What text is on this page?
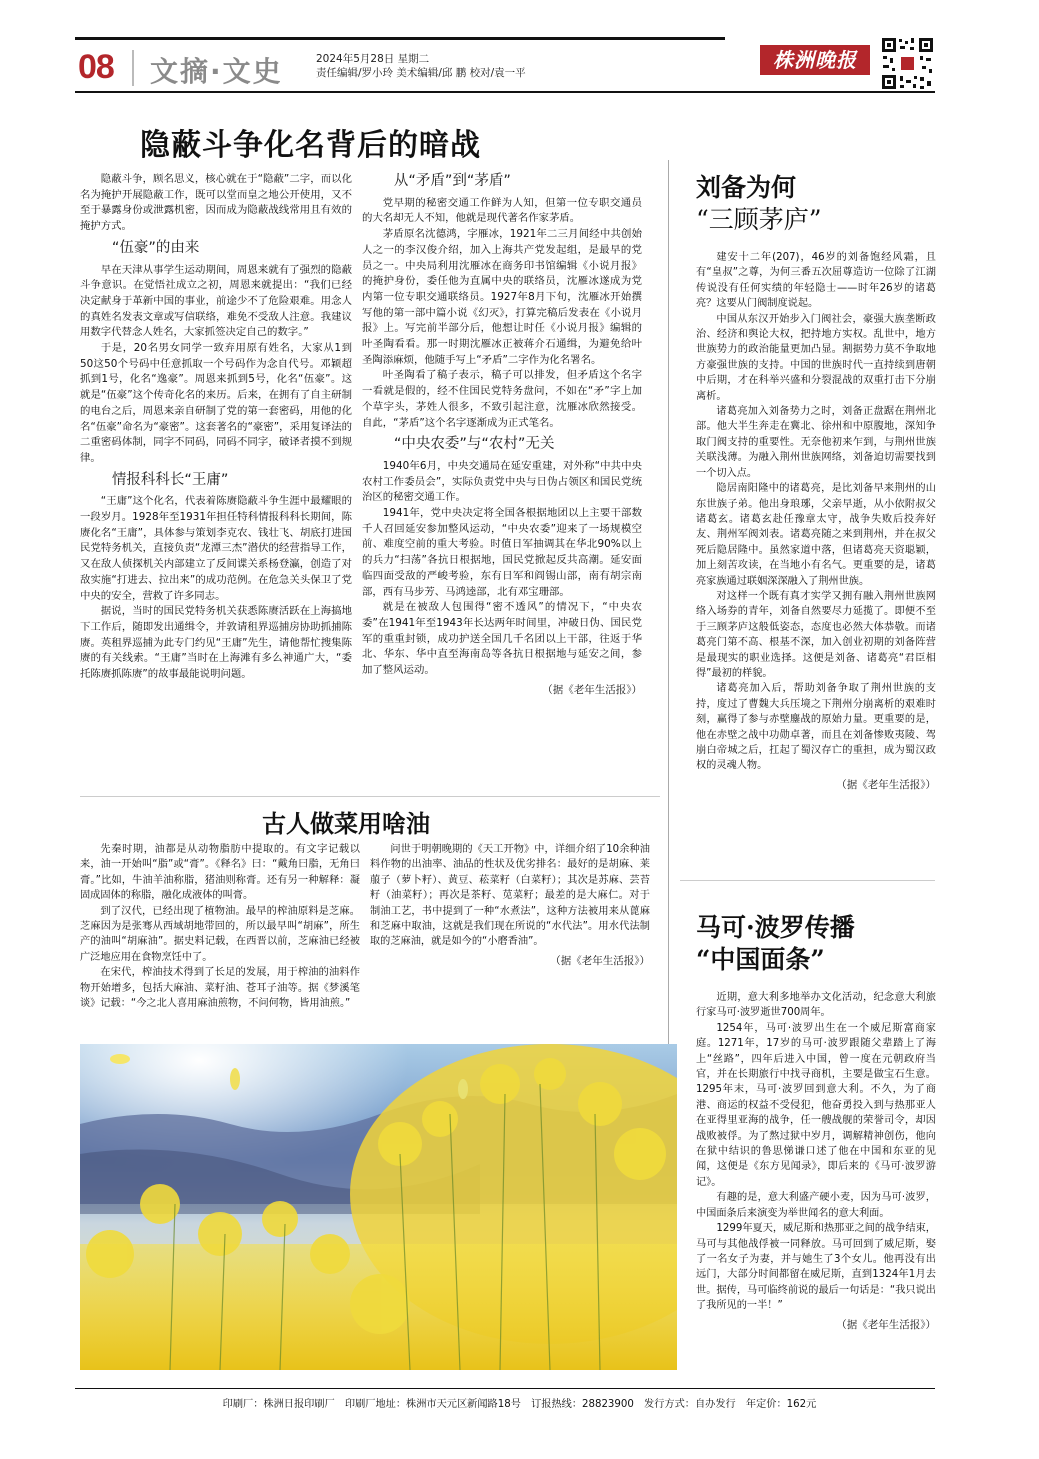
08 文摘·文史	2024年5月28日 星期二
责任编辑/罗小玲 美术编辑/邱 鹏 校对/袁一平
株洲晚报
隐蔽斗争化名背后的暗战

隐蔽斗争，顾名思义，核心就在于“隐蔽”二字，而以化名为掩护开展隐蔽工作，既可以堂而皇之地公开使用，又不至于暴露身份或泄露机密，因而成为隐蔽战线常用且有效的掩护方式。

“伍豪”的由来

早在天津从事学生运动期间，周恩来就有了强烈的隐蔽斗争意识。在觉悟社成立之初，周恩来就提出：“我们已经决定献身于革新中国的事业，前途少不了危险艰难。用念人的真姓名发表文章或写信联络，难免不受敌人注意。我建议用数字代替念人姓名，大家抓签决定自己的数字。”

于是，20名男女同学一致弃用原有姓名，大家从1到50这50个号码中任意抓取一个号码作为念自代号。邓颖超抓到1号，化名“逸豪”。周恩来抓到5号，化名“伍豪”。这就是“伍豪”这个传奇化名的来历。后来，在拥有了自主研制的电台之后，周恩来亲自研制了党的第一套密码，用他的化名“伍豪”命名为“豪密”。这套著名的“豪密”，采用复译法的二重密码体制，同字不同码，同码不同字，破译者摸不到规律。

情报科科长“王庸”

“王庸”这个化名，代表着陈赓隐蔽斗争生涯中最耀眼的一段岁月。1928年至1931年担任特科情报科科长期间，陈赓化名“王庸”，具体参与策划李克农、钱壮飞、胡底打进国民党特务机关，直接负责“龙潭三杰”潜伏的经营指导工作，又在敌人侦探机关内部建立了反间谍关系杨登瀛，创造了对敌实施“打进去、拉出来”的成功范例。在危急关头保卫了党中央的安全，营救了许多同志。

据说，当时的国民党特务机关获悉陈赓活跃在上海搞地下工作后，随即发出通缉令，并敦请租界巡捕房协助抓捕陈赓。英租界巡捕为此专门约见“王庸”先生，请他帮忙搜集陈赓的有关线索。“王庸”当时在上海滩有多么神通广大，“委托陈赓抓陈赓”的故事最能说明问题。

从“矛盾”到“茅盾”

党早期的秘密交通工作鲜为人知，但第一位专职交通员的大名却无人不知，他就是现代著名作家茅盾。

茅盾原名沈德鸿，字雁冰，1921年二三月间经中共创始人之一的李汉俊介绍，加入上海共产党发起组，是最早的党员之一。中央局利用沈雁冰在商务印书馆编辑《小说月报》的掩护身份，委任他为直属中央的联络员，沈雁冰遂成为党内第一位专职交通联络员。1927年8月下旬，沈雁冰开始撰写他的第一部中篇小说《幻灭》，打算完稿后发表在《小说月报》上。写完前半部分后，他想让时任《小说月报》编辑的叶圣陶看看。那一时期沈雁冰正被蒋介石通缉，为避免给叶圣陶添麻烦，他随手写上“矛盾”二字作为化名署名。

叶圣陶看了稿子表示，稿子可以排发，但矛盾这个名字一看就是假的，经不住国民党特务盘问，不如在“矛”字上加个草字头，茅姓人很多，不致引起注意，沈雁冰欣然接受。自此，“茅盾”这个名字逐渐成为正式笔名。

“中央农委”与“农村”无关

1940年6月，中央交通局在延安重建，对外称“中共中央农村工作委员会”，实际负责党中央与日伪占领区和国民党统治区的秘密交通工作。

1941年，党中央决定将全国各根据地团以上主要干部数千人召回延安参加整风运动，“中央农委”迎来了一场规模空前、难度空前的重大考验。时值日军抽调其在华北90%以上的兵力“扫荡”各抗日根据地，国民党掀起反共高潮。延安面临四面受敌的严峻考验，东有日军和阎锡山部，南有胡宗南部，西有马步芳、马鸿逵部，北有邓宝珊部。

就是在被敌人包围得“密不透风”的情况下，“中央农委”在1941年至1943年长达两年时间里，冲破日伪、国民党军的重重封锁，成功护送全国几千名团以上干部，往返于华北、华东、华中直至海南岛等各抗日根据地与延安之间，参加了整风运动。

（据《老年生活报》）
刘备为何
“三顾茅庐”

建安十二年(207)，46岁的刘备饱经风霜，且有“皇叔”之尊，为何三番五次屈尊造访一位除了江湖传说没有任何实绩的年轻隐士——时年26岁的诸葛亮？这要从门阀制度说起。

中国从东汉开始步入门阀社会，豪强大族垄断政治、经济和舆论大权，把持地方实权。乱世中，地方世族势力的政治能量更加凸显。割据势力莫不争取地方豪强世族的支持。中国的世族时代一直持续到唐朝中后期，才在科举兴盛和分裂混战的双重打击下分崩离析。

诸葛亮加入刘备势力之时，刘备正盘踞在荆州北部。他大半生奔走在冀北、徐州和中原腹地，深知争取门阀支持的重要性。无奈他初来乍到，与荆州世族关联浅薄。为融入荆州世族网络，刘备迫切需要找到一个切入点。

隐居南阳隆中的诸葛亮，是比刘备早来荆州的山东世族子弟。他出身琅琊，父亲早逝，从小依附叔父诸葛玄。诸葛玄赴任豫章太守，战争失败后投奔好友、荆州军阀刘表。诸葛亮随之来到荆州，并在叔父死后隐居隆中。虽然家道中落，但诸葛亮天资聪颖，加上刻苦攻读，在当地小有名气。更重要的是，诸葛亮家族通过联姻深深融入了荆州世族。

对这样一个既有真才实学又拥有融入荆州世族网络入场券的青年，刘备自然要尽力延揽了。即便不至于三顾茅庐这般低姿态，态度也必然大体恭敬。而诸葛亮门第不高、根基不深，加入创业初期的刘备阵营是最现实的职业选择。这便是刘备、诸葛亮“君臣相得”最初的样貌。

诸葛亮加入后，帮助刘备争取了荆州世族的支持，度过了曹魏大兵压境之下荆州分崩离析的艰难时刻，赢得了参与赤壁鏖战的原始力量。更重要的是，他在赤壁之战中功勋卓著，而且在刘备惨败夷陵、驾崩白帝城之后，扛起了蜀汉存亡的重担，成为蜀汉政权的灵魂人物。

（据《老年生活报》）
马可·波罗传播
“中国面条”

近期，意大利多地举办文化活动，纪念意大利旅行家马可·波罗逝世700周年。

1254年，马可·波罗出生在一个威尼斯富商家庭。1271年，17岁的马可·波罗跟随父辈踏上了海上“丝路”，四年后进入中国，曾一度在元朝政府当官，并在长期旅行中找寻商机，主要是做宝石生意。1295年末，马可·波罗回到意大利。不久，为了商港、商运的权益不受侵犯，他奋勇投入到与热那亚人在亚得里亚海的战争，任一艘战舰的荣誉司令，却因战败被俘。为了熬过狱中岁月，调解精神创伤，他向在狱中结识的鲁思悌谦口述了他在中国和东亚的见闻，这便是《东方见闻录》，即后来的《马可·波罗游记》。

有趣的是，意大利盛产硬小麦，因为马可·波罗，中国面条后来演变为举世闻名的意大利面。

1299年夏天，威尼斯和热那亚之间的战争结束，马可与其他战俘被一同释放。马可回到了威尼斯，娶了一名女子为妻，并与她生了3个女儿。他再没有出远门，大部分时间都留在威尼斯，直到1324年1月去世。据传，马可临终前说的最后一句话是：“我只说出了我所见的一半！”

（据《老年生活报》）
古人做菜用啥油

先秦时期，油都是从动物脂肪中提取的。有文字记载以来，油一开始叫“脂”或“膏”。《释名》曰：“戴角曰脂，无角曰膏。”比如，牛油羊油称脂，猪油则称膏。还有另一种解释：凝固成固体的称脂，融化成液体的叫膏。

到了汉代，已经出现了植物油。最早的榨油原料是芝麻。芝麻因为是张骞从西域胡地带回的，所以最早叫“胡麻”，所生产的油叫“胡麻油”。据史料记载，在西晋以前，芝麻油已经被广泛地应用在食物烹饪中了。

在宋代，榨油技术得到了长足的发展，用于榨油的油料作物开始增多，包括大麻油、菜籽油、苍耳子油等。据《梦溪笔谈》记载：“今之北人喜用麻油煎物，不问何物，皆用油煎。”

问世于明朝晚期的《天工开物》中，详细介绍了10余种油料作物的出油率、油品的性状及优劣排名：最好的是胡麻、莱菔子（萝卜籽）、黄豆、菘菜籽（白菜籽）；其次是苏麻、芸苔籽（油菜籽）；再次是茶籽、苋菜籽；最差的是大麻仁。对于制油工艺，书中提到了一种“水煮法”，这种方法被用来从蓖麻和芝麻中取油，这就是我们现在所说的“水代法”。用水代法制取的芝麻油，就是如今的“小磨香油”。

（据《老年生活报》）
印刷厂：株洲日报印刷厂　印刷厂地址：株洲市天元区新闻路18号　订报热线：28823900　发行方式：自办发行　年定价：162元
